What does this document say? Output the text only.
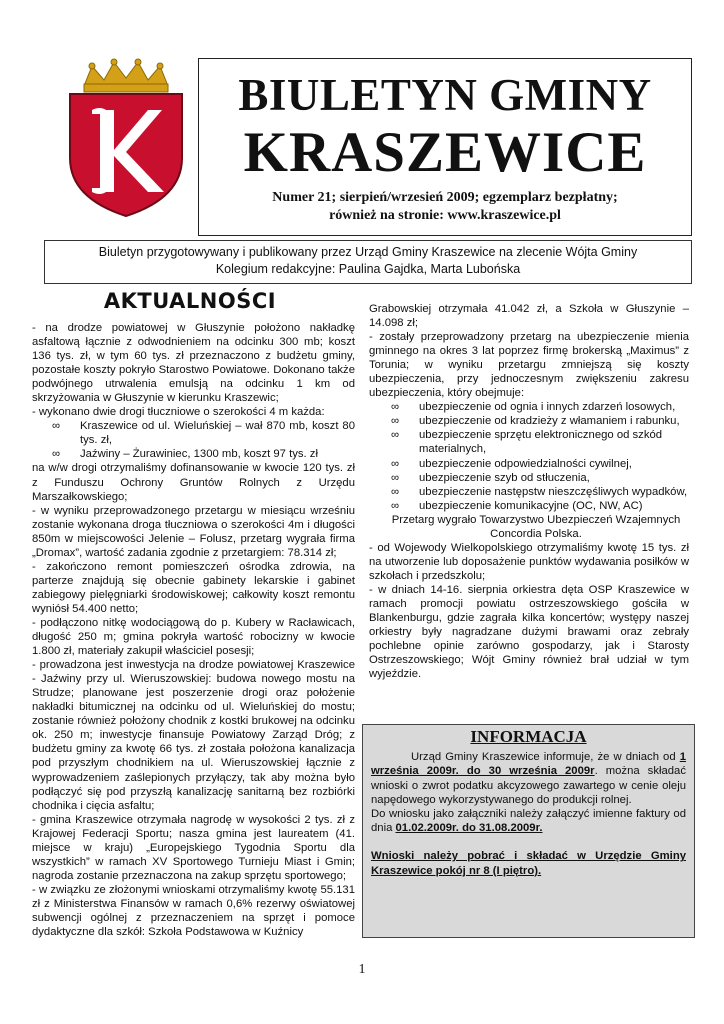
BIULETYN GMINY
KRASZEWICE
Numer 21; sierpień/wrzesień 2009; egzemplarz bezpłatny;
również na stronie: www.kraszewice.pl
Biuletyn przygotowywany i publikowany przez Urząd Gminy Kraszewice na zlecenie Wójta Gminy
Kolegium redakcyjne: Paulina Gajdka, Marta Lubońska
AKTUALNOŚCI

- na drodze powiatowej w Głuszynie położono nakładkę asfaltową łącznie z odwodnieniem na odcinku 300 mb; koszt 136 tys. zł, w tym 60 tys. zł przeznaczono z budżetu gminy, pozostałe koszty pokryło Starostwo Powiatowe. Dokonano także podwójnego utrwalenia emulsją na odcinku 1 km od skrzyżowania w Głuszynie w kierunku Kraszewic;

- wykonano dwie drogi tłuczniowe o szerokości 4 m każda:

∞ Kraszewice od ul. Wieluńskiej – wał 870 mb, koszt 80 tys. zł,
∞ Jaźwiny – Żurawiniec, 1300 mb, koszt 97 tys. zł

na w/w drogi otrzymaliśmy dofinansowanie w kwocie 120 tys. zł z Funduszu Ochrony Gruntów Rolnych z Urzędu Marszałkowskiego;

- w wyniku przeprowadzonego przetargu w miesiącu wrześniu zostanie wykonana droga tłuczniowa o szerokości 4m i długości 850m w miejscowości Jelenie – Folusz, przetarg wygrała firma „Dromax”, wartość zadania zgodnie z przetargiem: 78.314 zł;

- zakończono remont pomieszczeń ośrodka zdrowia, na parterze znajdują się obecnie gabinety lekarskie i gabinet zabiegowy pielęgniarki środowiskowej; całkowity koszt remontu wyniósł 54.400 netto;

- podłączono nitkę wodociągową do p. Kubery w Racławicach, długość 250 m; gmina pokryła wartość robocizny w kwocie 1.800 zł, materiały zakupił właściciel posesji;

- prowadzona jest inwestycja na drodze powiatowej Kraszewice - Jaźwiny przy ul. Wieruszowskiej: budowa nowego mostu na Strudze; planowane jest poszerzenie drogi oraz położenie nakładki bitumicznej na odcinku od ul. Wieluńskiej do mostu; zostanie również położony chodnik z kostki brukowej na odcinku ok. 250 m; inwestycje finansuje Powiatowy Zarząd Dróg; z budżetu gminy za kwotę 66 tys. zł została położona kanalizacja pod przyszłym chodnikiem na ul. Wieruszowskiej łącznie z wyprowadzeniem zaślepionych przyłączy, tak aby można było podłączyć się pod przyszłą kanalizację sanitarną bez rozbiórki chodnika i cięcia asfaltu;

- gmina Kraszewice otrzymała nagrodę w wysokości 2 tys. zł z Krajowej Federacji Sportu; nasza gmina jest laureatem (41. miejsce w kraju) „Europejskiego Tygodnia Sportu dla wszystkich” w ramach XV Sportowego Turnieju Miast i Gmin; nagroda zostanie przeznaczona na zakup sprzętu sportowego;

- w związku ze złożonymi wnioskami otrzymaliśmy kwotę 55.131 zł z Ministerstwa Finansów w ramach 0,6% rezerwy oświatowej subwencji ogólnej z przeznaczeniem na sprzęt i pomoce dydaktyczne dla szkół: Szkoła Podstawowa w Kuźnicy

Grabowskiej otrzymała 41.042 zł, a Szkoła w Głuszynie – 14.098 zł;

- zostały przeprowadzony przetarg na ubezpieczenie mienia gminnego na okres 3 lat poprzez firmę brokerską „Maximus” z Torunia; w wyniku przetargu zmniejszą się koszty ubezpieczenia, przy jednoczesnym zwiększeniu zakresu ubezpieczenia, który obejmuje:

∞ ubezpieczenie od ognia i innych zdarzeń losowych,
∞ ubezpieczenie od kradzieży z włamaniem i rabunku,
∞ ubezpieczenie sprzętu elektronicznego od szkód materialnych,
∞ ubezpieczenie odpowiedzialności cywilnej,
∞ ubezpieczenie szyb od stłuczenia,
∞ ubezpieczenie następstw nieszczęśliwych wypadków,
∞ ubezpieczenie komunikacyjne (OC, NW, AC)

Przetarg wygrało Towarzystwo Ubezpieczeń Wzajemnych Concordia Polska.

- od Wojewody Wielkopolskiego otrzymaliśmy kwotę 15 tys. zł na utworzenie lub doposażenie punktów wydawania posiłków w szkołach i przedszkolu;

- w dniach 14-16. sierpnia orkiestra dęta OSP Kraszewice w ramach promocji powiatu ostrzeszowskiego gościła w Blankenburgu, gdzie zagrała kilka koncertów; występy naszej orkiestry były nagradzane dużymi brawami oraz zebrały pochlebne opinie zarówno gospodarzy, jak i Starosty Ostrzeszowskiego; Wójt Gminy również brał udział w tym wyjeździe.

INFORMACJA

Urząd Gminy Kraszewice informuje, że w dniach od 1 września 2009r. do 30 września 2009r. można składać wnioski o zwrot podatku akcyzowego zawartego w cenie oleju napędowego wykorzystywanego do produkcji rolnej.

Do wniosku jako załączniki należy załączyć imienne faktury od dnia 01.02.2009r. do 31.08.2009r.

Wnioski należy pobrać i składać w Urzędzie Gminy Kraszewice pokój nr 8 (I piętro).

1
